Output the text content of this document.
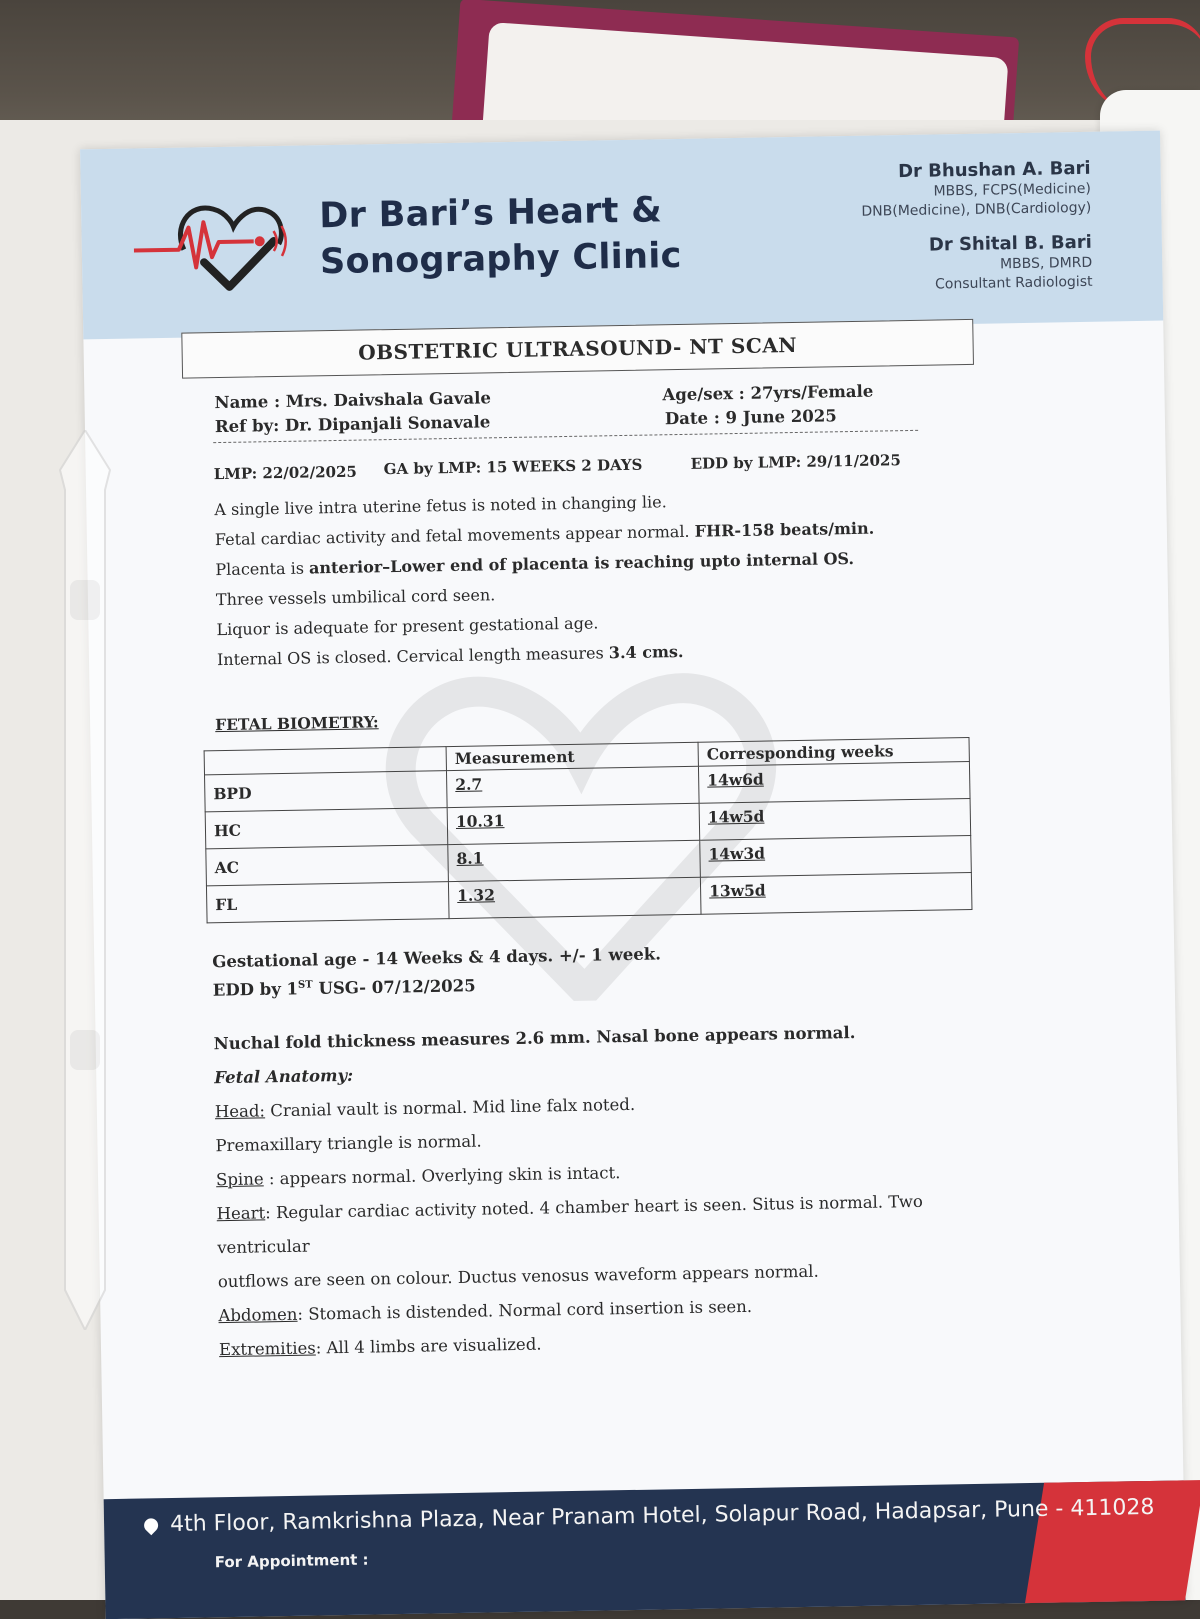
Dr Bari’s Heart &
Sonography Clinic
Dr Bhushan A. Bari
MBBS, FCPS(Medicine)
DNB(Medicine), DNB(Cardiology)
Dr Shital B. Bari
MBBS, DMRD
Consultant Radiologist
OBSTETRIC ULTRASOUND- NT SCAN
Name : Mrs. Daivshala Gavale
Ref by: Dr. Dipanjali Sonavale
Age/sex : 27yrs/Female
Date : 9 June 2025
LMP: 22/02/2025 GA by LMP: 15 WEEKS 2 DAYS	EDD by LMP: 29/11/2025
A single live intra uterine fetus is noted in changing lie.
Fetal cardiac activity and fetal movements appear normal. FHR-158 beats/min.
Placenta is anterior–Lower end of placenta is reaching upto internal OS.
Three vessels umbilical cord seen.
Liquor is adequate for present gestational age.
Internal OS is closed. Cervical length measures 3.4 cms.
FETAL BIOMETRY:
	Measurement	Corresponding weeks
BPD	2.7	14w6d
HC	10.31	14w5d
AC	8.1	14w3d
FL	1.32	13w5d
Gestational age - 14 Weeks & 4 days. +/- 1 week.
EDD by 1ST USG- 07/12/2025
Nuchal fold thickness measures 2.6 mm. Nasal bone appears normal.
Fetal Anatomy:
Head: Cranial vault is normal. Mid line falx noted.
Premaxillary triangle is normal.
Spine : appears normal. Overlying skin is intact.
Heart: Regular cardiac activity noted. 4 chamber heart is seen. Situs is normal. Two ventricular
outflows are seen on colour. Ductus venosus waveform appears normal.
Abdomen: Stomach is distended. Normal cord insertion is seen.
Extremities: All 4 limbs are visualized.
4th Floor, Ramkrishna Plaza, Near Pranam Hotel, Solapur Road, Hadapsar, Pune - 411028
For Appointment :
